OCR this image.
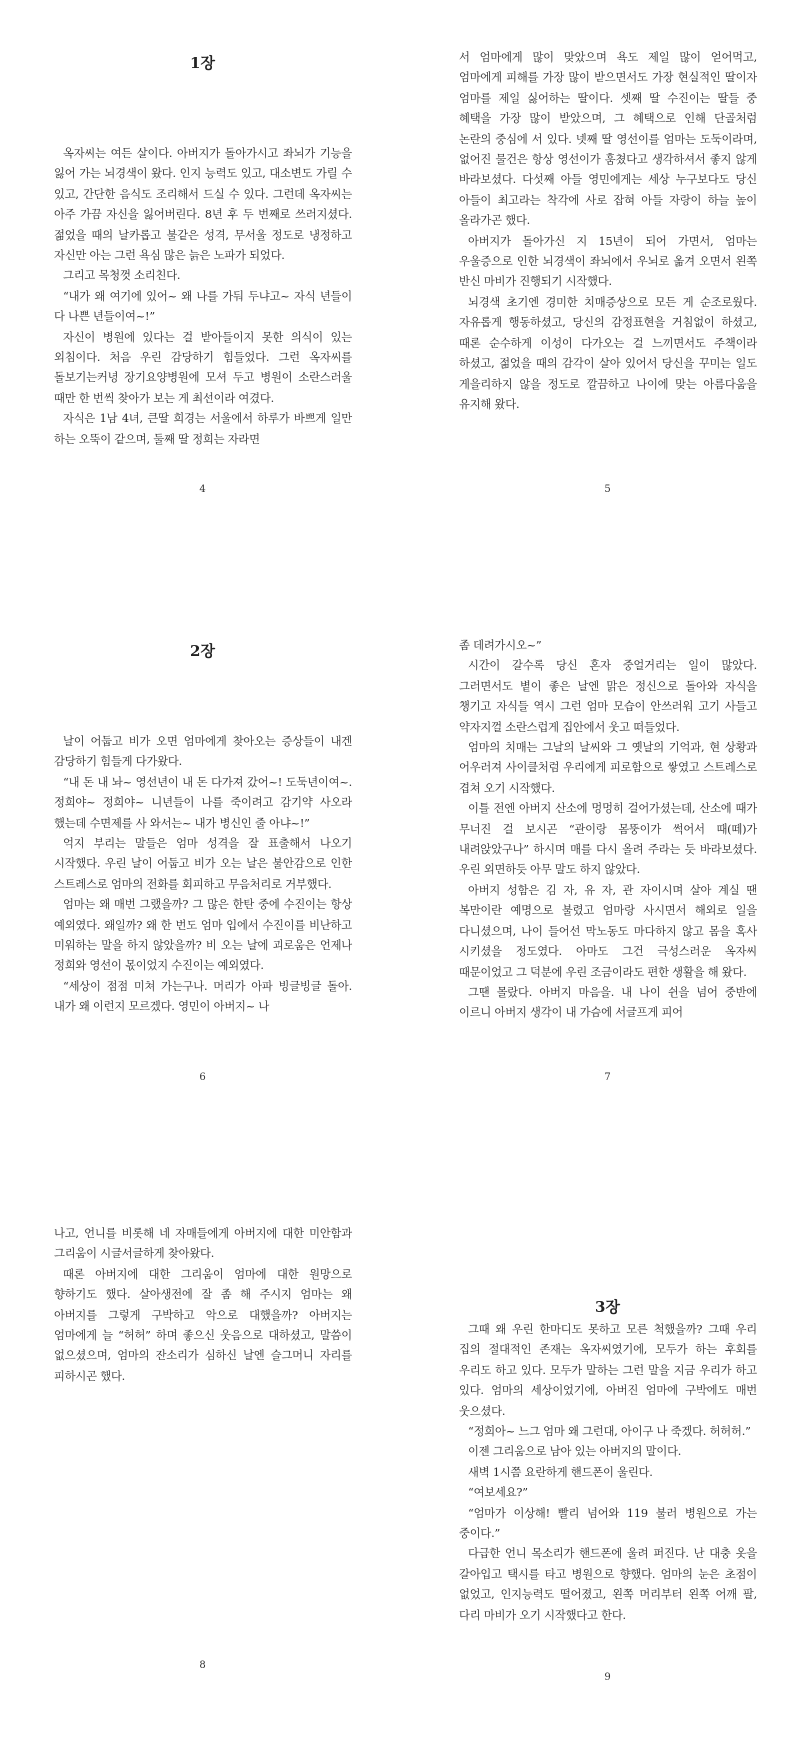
1장

옥자씨는 여든 살이다. 아버지가 돌아가시고 좌뇌가 기능을 잃어 가는 뇌경색이 왔다. 인지 능력도 있고, 대소변도 가릴 수 있고, 간단한 음식도 조리해서 드실 수 있다. 그런데 옥자씨는 아주 가끔 자신을 잃어버린다. 8년 후 두 번째로 쓰러지셨다. 젊었을 때의 날카롭고 불같은 성격, 무서울 정도로 냉정하고 자신만 아는 그런 욕심 많은 늙은 노파가 되었다.

그리고 목청껏 소리친다.

“내가 왜 여기에 있어~ 왜 나를 가둬 두냐고~ 자식 년들이 다 나쁜 년들이여~!”

자신이 병원에 있다는 걸 받아들이지 못한 의식이 있는 외침이다. 처음 우린 감당하기 힘들었다. 그런 옥자씨를 돌보기는커녕 장기요양병원에 모셔 두고 병원이 소란스러울 때만 한 번씩 찾아가 보는 게 최선이라 여겼다.

자식은 1남 4녀, 큰딸 희경는 서울에서 하루가 바쁘게 일만 하는 오뚝이 같으며, 둘째 딸 정희는 자라면

4

서 엄마에게 많이 맞았으며 욕도 제일 많이 얻어먹고, 엄마에게 피해를 가장 많이 받으면서도 가장 현실적인 딸이자 엄마를 제일 싫어하는 딸이다. 셋째 딸 수진이는 딸들 중 혜택을 가장 많이 받았으며, 그 혜택으로 인해 단골처럼 논란의 중심에 서 있다. 넷째 딸 영선이를 엄마는 도둑이라며, 없어진 물건은 항상 영선이가 훔쳤다고 생각하셔서 좋지 않게 바라보셨다. 다섯째 아들 영민에게는 세상 누구보다도 당신 아들이 최고라는 착각에 사로 잡혀 아들 자랑이 하늘 높이 올라가곤 했다.

아버지가 돌아가신 지 15년이 되어 가면서, 엄마는 우울증으로 인한 뇌경색이 좌뇌에서 우뇌로 옮겨 오면서 왼쪽 반신 마비가 진행되기 시작했다.

뇌경색 초기엔 경미한 치매증상으로 모든 게 순조로웠다. 자유롭게 행동하셨고, 당신의 감정표현을 거침없이 하셨고, 때론 순수하게 이성이 다가오는 걸 느끼면서도 주책이라 하셨고, 젊었을 때의 감각이 살아 있어서 당신을 꾸미는 일도 게을리하지 않을 정도로 깔끔하고 나이에 맞는 아름다움을 유지해 왔다.

5
2장

날이 어둡고 비가 오면 엄마에게 찾아오는 증상들이 내겐 감당하기 힘들게 다가왔다.

“내 돈 내 놔~ 영선년이 내 돈 다가져 갔어~! 도둑년이여~. 정희야~ 정희야~ 니년들이 나를 죽이려고 감기약 사오라 했는데 수면제를 사 와서는~ 내가 병신인 줄 아냐~!”

억지 부리는 말들은 엄마 성격을 잘 표출해서 나오기 시작했다. 우린 날이 어둡고 비가 오는 날은 불안감으로 인한 스트레스로 엄마의 전화를 회피하고 무음처리로 거부했다.

엄마는 왜 매번 그랬을까? 그 많은 한탄 중에 수진이는 항상 예외였다. 왜일까? 왜 한 번도 엄마 입에서 수진이를 비난하고 미워하는 말을 하지 않았을까? 비 오는 날에 괴로움은 언제나 정희와 영선이 몫이었지 수진이는 예외였다.

“세상이 점점 미쳐 가는구나. 머리가 아파 빙글빙글 돌아. 내가 왜 이런지 모르겠다. 영민이 아버지~ 나

6

좀 데려가시오~”

시간이 갈수록 당신 혼자 중얼거리는 일이 많았다. 그러면서도 볕이 좋은 날엔 맑은 정신으로 돌아와 자식을 챙기고 자식들 역시 그런 엄마 모습이 안쓰러워 고기 사들고 약자지껄 소란스럽게 집안에서 웃고 떠들었다.

엄마의 치매는 그날의 날씨와 그 옛날의 기억과, 현 상황과 어우러져 사이클처럼 우리에게 피로함으로 쌓였고 스트레스로 겹쳐 오기 시작했다.

이틀 전엔 아버지 산소에 멍멍히 걸어가셨는데, 산소에 때가 무너진 걸 보시곤 “관이랑 몸뚱이가 썩어서 때(떼)가 내려앉았구나” 하시며 매를 다시 올려 주라는 듯 바라보셨다. 우린 외면하듯 아무 말도 하지 않았다.

아버지 성함은 김 자, 유 자, 관 자이시며 살아 계실 땐 복만이란 예명으로 불렸고 엄마랑 사시면서 해외로 일을 다니셨으며, 나이 들어선 막노동도 마다하지 않고 몸을 혹사 시키셨을 정도였다. 아마도 그건 극성스러운 옥자씨 때문이었고 그 덕분에 우린 조금이라도 편한 생활을 해 왔다.

그땐 몰랐다. 아버지 마음을. 내 나이 쉰을 넘어 중반에 이르니 아버지 생각이 내 가슴에 서글프게 피어

7

나고, 언니를 비롯해 네 자매들에게 아버지에 대한 미안함과 그리움이 시글서글하게 찾아왔다.

때론 아버지에 대한 그리움이 엄마에 대한 원망으로 향하기도 했다. 살아생전에 잘 좀 해 주시지 엄마는 왜 아버지를 그렇게 구박하고 악으로 대했을까? 아버지는 엄마에게 늘 “허허” 하며 좋으신 웃음으로 대하셨고, 말씀이 없으셨으며, 엄마의 잔소리가 심하신 날엔 슬그머니 자리를 피하시곤 했다.

8
3장

그때 왜 우린 한마디도 못하고 모른 척했을까? 그때 우리 집의 절대적인 존재는 옥자씨였기에, 모두가 하는 후회를 우리도 하고 있다. 모두가 말하는 그런 말을 지금 우리가 하고 있다. 엄마의 세상이었기에, 아버진 엄마에 구박에도 매번 웃으셨다.

“정희아~ 느그 엄마 왜 그런대, 아이구 나 죽겠다. 허허허.”

이젠 그리움으로 남아 있는 아버지의 말이다.

새벽 1시쯤 요란하게 핸드폰이 울린다.

“여보세요?”

“엄마가 이상해! 빨리 넘어와 119 불러 병원으로 가는 중이다.”

다급한 언니 목소리가 핸드폰에 울려 퍼진다. 난 대충 옷을 갈아입고 택시를 타고 병원으로 향했다. 엄마의 눈은 초점이 없었고, 인지능력도 떨어졌고, 왼쪽 머리부터 왼쪽 어깨 팔, 다리 마비가 오기 시작했다고 한다.

9
